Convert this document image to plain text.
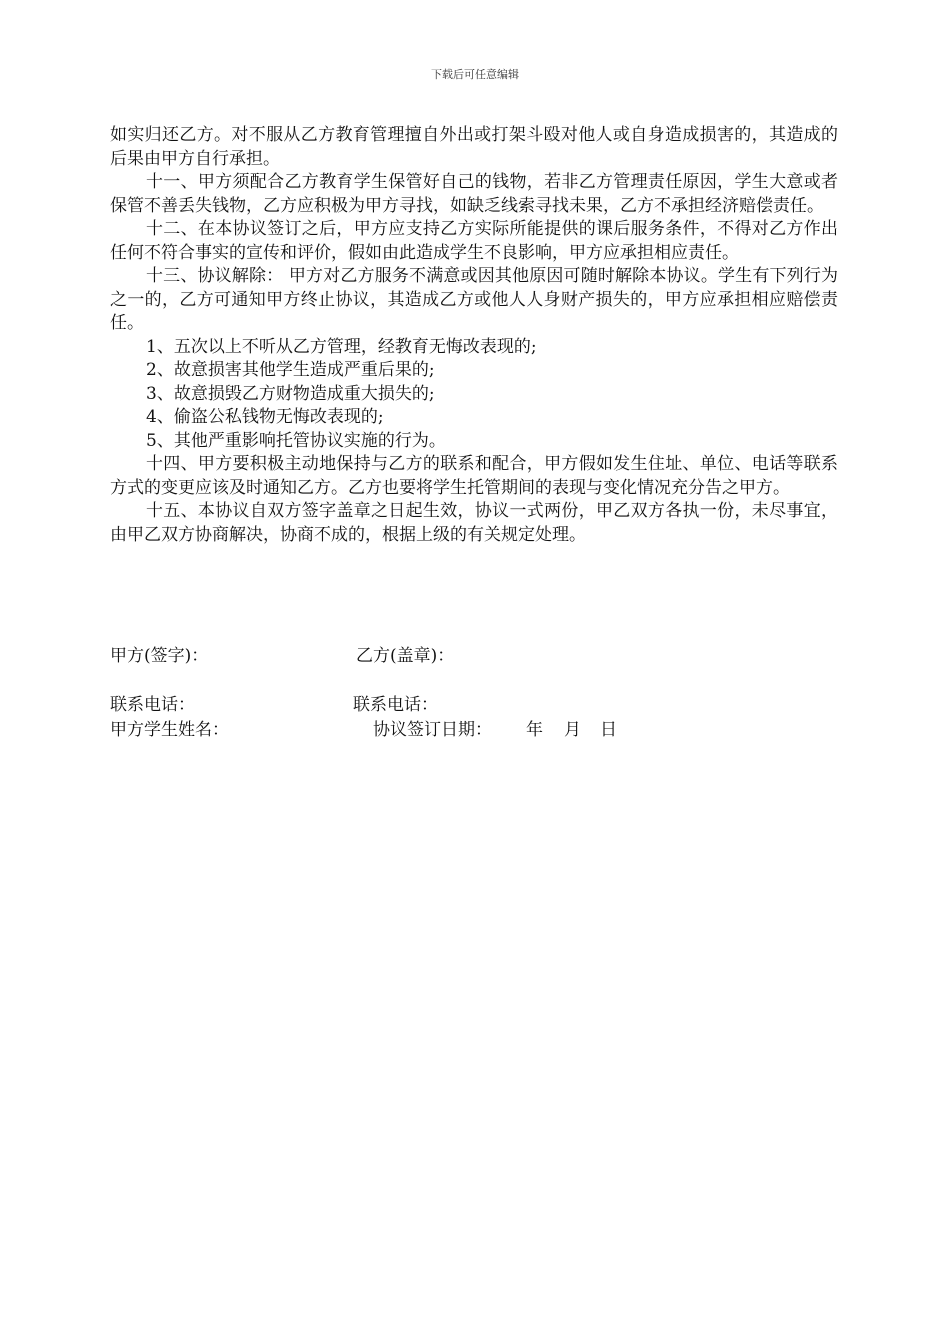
下载后可任意编辑

如实归还乙方。对不服从乙方教育管理擅自外出或打架斗殴对他人或自身造成损害的，其造成的后果由甲方自行承担。

十一、甲方须配合乙方教育学生保管好自己的钱物，若非乙方管理责任原因，学生大意或者保管不善丢失钱物，乙方应积极为甲方寻找，如缺乏线索寻找未果，乙方不承担经济赔偿责任。

十二、在本协议签订之后，甲方应支持乙方实际所能提供的课后服务条件，不得对乙方作出任何不符合事实的宣传和评价，假如由此造成学生不良影响，甲方应承担相应责任。

十三、协议解除： 甲方对乙方服务不满意或因其他原因可随时解除本协议。学生有下列行为之一的，乙方可通知甲方终止协议，其造成乙方或他人人身财产损失的，甲方应承担相应赔偿责任。

1、五次以上不听从乙方管理，经教育无悔改表现的;

2、故意损害其他学生造成严重后果的;

3、故意损毁乙方财物造成重大损失的;

4、偷盗公私钱物无悔改表现的;

5、其他严重影响托管协议实施的行为。

十四、甲方要积极主动地保持与乙方的联系和配合，甲方假如发生住址、单位、电话等联系方式的变更应该及时通知乙方。乙方也要将学生托管期间的表现与变化情况充分告之甲方。

十五、本协议自双方签字盖章之日起生效，协议一式两份，甲乙双方各执一份，未尽事宜，由甲乙双方协商解决，协商不成的，根据上级的有关规定处理。

甲方(签字)：	乙方(盖章)：
联系电话：	联系电话：
甲方学生姓名：	协议签订日期： 年 月 日
